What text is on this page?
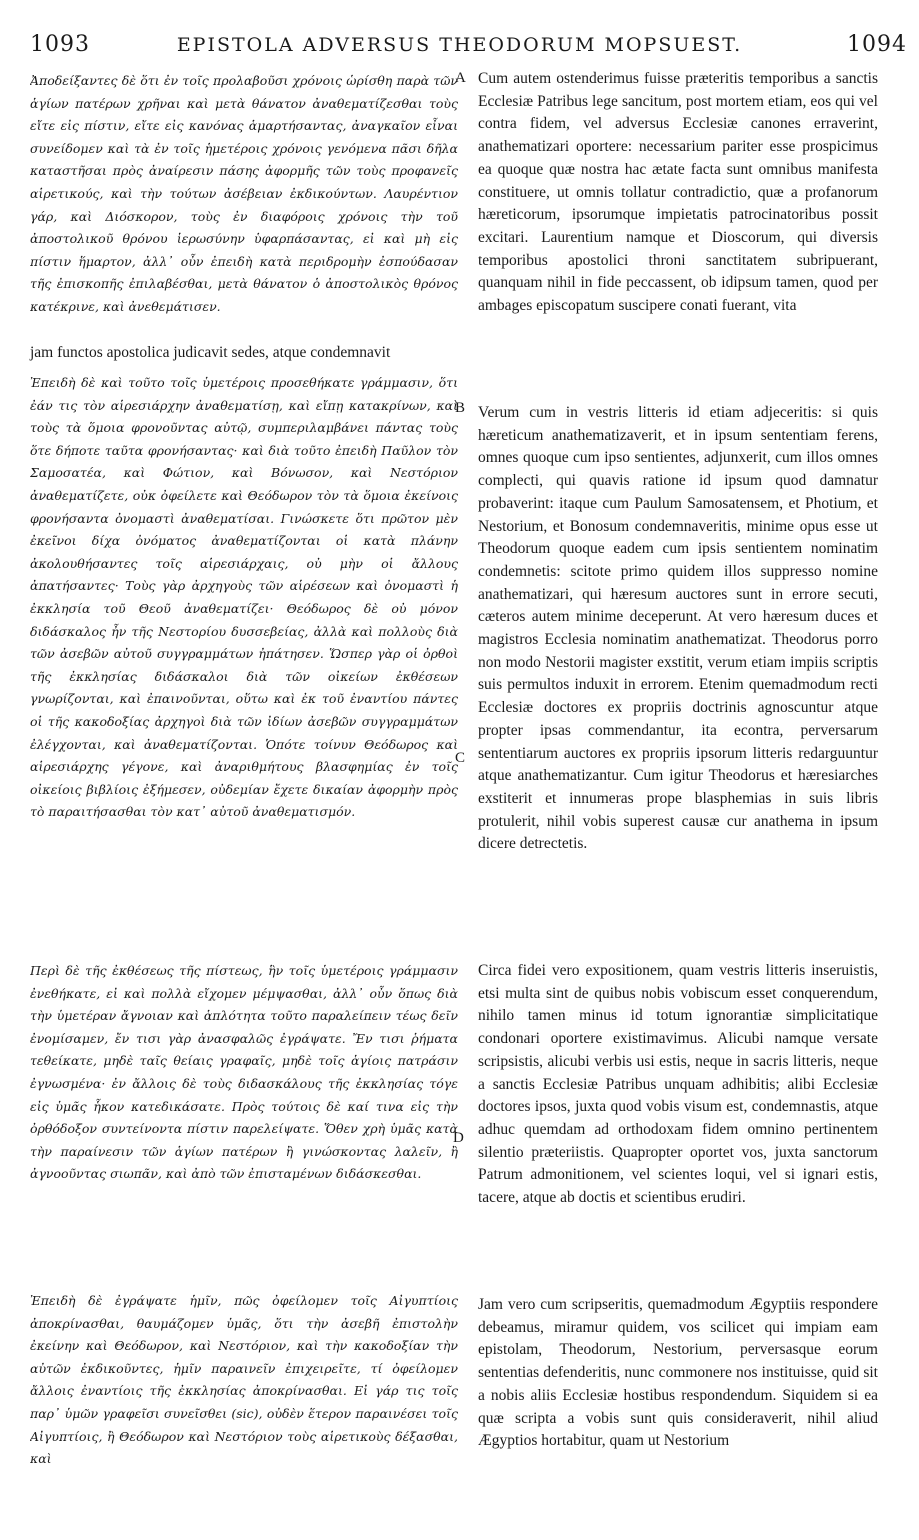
1093	EPISTOLA ADVERSUS THEODORUM MOPSUEST.	1094

Ἀποδείξαντες δὲ ὅτι ἐν τοῖς προλαβοῦσι χρόνοις ὡρίσθη παρὰ τῶν ἁγίων πατέρων χρῆναι καὶ μετὰ θάνατον ἀναθεματίζεσθαι τοὺς εἴτε εἰς πίστιν, εἴτε εἰς κανόνας ἁμαρτήσαντας, ἀναγκαῖον εἶναι συνείδομεν καὶ τὰ ἐν τοῖς ἡμετέροις χρόνοις γενόμενα πᾶσι δῆλα καταστῆσαι πρὸς ἀναίρεσιν πάσης ἀφορμῆς τῶν τοὺς προφανεῖς αἱρετικούς, καὶ τὴν τούτων ἀσέβειαν ἐκδικούντων. Λαυρέντιον γάρ, καὶ Διόσκορον, τοὺς ἐν διαφόροις χρόνοις τὴν τοῦ ἀποστολικοῦ θρόνου ἱερωσύνην ὑφαρπάσαντας, εἰ καὶ μὴ εἰς πίστιν ἥμαρτον, ἀλλ᾽ οὖν ἐπειδὴ κατὰ περιδρομὴν ἐσπούδασαν τῆς ἐπισκοπῆς ἐπιλαβέσθαι, μετὰ θάνατον ὁ ἀποστολικὸς θρόνος κατέκρινε, καὶ ἀνεθεμάτισεν.

jam functos apostolica judicavit sedes, atque condemnavit

Ἐπειδὴ δὲ καὶ τοῦτο τοῖς ὑμετέροις προσεθήκατε γράμμασιν, ὅτι ἐάν τις τὸν αἱρεσιάρχην ἀναθεματίσῃ, καὶ εἴπῃ κατακρίνων, καὶ τοὺς τὰ ὅμοια φρονοῦντας αὐτῷ, συμπεριλαμβάνει πάντας τοὺς ὅτε δήποτε ταῦτα φρονήσαντας· καὶ διὰ τοῦτο ἐπειδὴ Παῦλον τὸν Σαμοσατέα, καὶ Φώτιον, καὶ Βόνωσον, καὶ Νεστόριον ἀναθεματίζετε, οὐκ ὀφείλετε καὶ Θεόδωρον τὸν τὰ ὅμοια ἐκείνοις φρονήσαντα ὀνομαστὶ ἀναθεματίσαι. Γινώσκετε ὅτι πρῶτον μὲν ἐκεῖνοι δίχα ὀνόματος ἀναθεματίζονται οἱ κατὰ πλάνην ἀκολουθήσαντες τοῖς αἱρεσιάρχαις, οὐ μὴν οἱ ἄλλους ἀπατήσαντες· Τοὺς γὰρ ἀρχηγοὺς τῶν αἱρέσεων καὶ ὀνομαστὶ ἡ ἐκκλησία τοῦ Θεοῦ ἀναθεματίζει· Θεόδωρος δὲ οὐ μόνον διδάσκαλος ἦν τῆς Νεστορίου δυσσεβείας, ἀλλὰ καὶ πολλοὺς διὰ τῶν ἀσεβῶν αὐτοῦ συγγραμμάτων ἠπάτησεν. Ὥσπερ γὰρ οἱ ὀρθοὶ τῆς ἐκκλησίας διδάσκαλοι διὰ τῶν οἰκείων ἐκθέσεων γνωρίζονται, καὶ ἐπαινοῦνται, οὕτω καὶ ἐκ τοῦ ἐναντίου πάντες οἱ τῆς κακοδοξίας ἀρχηγοὶ διὰ τῶν ἰδίων ἀσεβῶν συγγραμμάτων ἐλέγχονται, καὶ ἀναθεματίζονται. Ὁπότε τοίνυν Θεόδωρος καὶ αἱρεσιάρχης γέγονε, καὶ ἀναριθμήτους βλασφημίας ἐν τοῖς οἰκείοις βιβλίοις ἐξήμεσεν, οὐδεμίαν ἔχετε δικαίαν ἀφορμὴν πρὸς τὸ παραιτήσασθαι τὸν κατ᾽ αὐτοῦ ἀναθεματισμόν.

Περὶ δὲ τῆς ἐκθέσεως τῆς πίστεως, ἣν τοῖς ὑμετέροις γράμμασιν ἐνεθήκατε, εἰ καὶ πολλὰ εἴχομεν μέμψασθαι, ἀλλ᾽ οὖν ὅπως διὰ τὴν ὑμετέραν ἄγνοιαν καὶ ἁπλότητα τοῦτο παραλείπειν τέως δεῖν ἐνομίσαμεν, ἔν τισι γὰρ ἀνασφαλῶς ἐγράψατε. Ἔν τισι ῥήματα τεθείκατε, μηδὲ ταῖς θείαις γραφαῖς, μηδὲ τοῖς ἁγίοις πατράσιν ἐγνωσμένα· ἐν ἄλλοις δὲ τοὺς διδασκάλους τῆς ἐκκλησίας τόγε εἰς ὑμᾶς ἧκον κατεδικάσατε. Πρὸς τούτοις δὲ καί τινα εἰς τὴν ὀρθόδοξον συντείνοντα πίστιν παρελείψατε. Ὅθεν χρὴ ὑμᾶς κατὰ τὴν παραίνεσιν τῶν ἁγίων πατέρων ἢ γινώσκοντας λαλεῖν, ἢ ἀγνοοῦντας σιωπᾶν, καὶ ἀπὸ τῶν ἐπισταμένων διδάσκεσθαι.

Ἐπειδὴ δὲ ἐγράψατε ἡμῖν, πῶς ὀφείλομεν τοῖς Αἰγυπτίοις ἀποκρίνασθαι, θαυμάζομεν ὑμᾶς, ὅτι τὴν ἀσεβῆ ἐπιστολὴν ἐκείνην καὶ Θεόδωρον, καὶ Νεστόριον, καὶ τὴν κακοδοξίαν τὴν αὐτῶν ἐκδικοῦντες, ἡμῖν παραινεῖν ἐπιχειρεῖτε, τί ὀφείλομεν ἄλλοις ἐναντίοις τῆς ἐκκλησίας ἀποκρίνασθαι. Εἰ γάρ τις τοῖς παρ᾽ ὑμῶν γραφεῖσι συνεῖσθει (sic), οὐδὲν ἕτερον παραινέσει τοῖς Αἰγυπτίοις, ἢ Θεόδωρον καὶ Νεστόριον τοὺς αἱρετικοὺς δέξασθαι, καὶ

A
B
C
D

Cum autem ostenderimus fuisse præteritis temporibus a sanctis Ecclesiæ Patribus lege sancitum, post mortem etiam, eos qui vel contra fidem, vel adversus Ecclesiæ canones erraverint, anathematizari oportere: necessarium pariter esse prospicimus ea quoque quæ nostra hac ætate facta sunt omnibus manifesta constituere, ut omnis tollatur contradictio, quæ a profanorum hæreticorum, ipsorumque impietatis patrocinatoribus possit excitari. Laurentium namque et Dioscorum, qui diversis temporibus apostolici throni sanctitatem subripuerant, quanquam nihil in fide peccassent, ob idipsum tamen, quod per ambages episcopatum suscipere conati fuerant, vita

Verum cum in vestris litteris id etiam adjeceritis: si quis hæreticum anathematizaverit, et in ipsum sententiam ferens, omnes quoque cum ipso sentientes, adjunxerit, cum illos omnes complecti, qui quavis ratione id ipsum quod damnatur probaverint: itaque cum Paulum Samosatensem, et Photium, et Nestorium, et Bonosum condemnaveritis, minime opus esse ut Theodorum quoque eadem cum ipsis sentientem nominatim condemnetis: scitote primo quidem illos suppresso nomine anathematizari, qui hæresum auctores sunt in errore secuti, cæteros autem minime deceperunt. At vero hæresum duces et magistros Ecclesia nominatim anathematizat. Theodorus porro non modo Nestorii magister exstitit, verum etiam impiis scriptis suis permultos induxit in errorem. Etenim quemadmodum recti Ecclesiæ doctores ex propriis doctrinis agnoscuntur atque propter ipsas commendantur, ita econtra, perversarum sententiarum auctores ex propriis ipsorum litteris redarguuntur atque anathematizantur. Cum igitur Theodorus et hæresiarches exstiterit et innumeras prope blasphemias in suis libris protulerit, nihil vobis superest causæ cur anathema in ipsum dicere detrectetis.

Circa fidei vero expositionem, quam vestris litteris inseruistis, etsi multa sint de quibus nobis vobiscum esset conquerendum, nihilo tamen minus id totum ignorantiæ simplicitatique condonari oportere existimavimus. Alicubi namque versate scripsistis, alicubi verbis usi estis, neque in sacris litteris, neque a sanctis Ecclesiæ Patribus unquam adhibitis; alibi Ecclesiæ doctores ipsos, juxta quod vobis visum est, condemnastis, atque adhuc quemdam ad orthodoxam fidem omnino pertinentem silentio præteriistis. Quapropter oportet vos, juxta sanctorum Patrum admonitionem, vel scientes loqui, vel si ignari estis, tacere, atque ab doctis et scientibus erudiri.

Jam vero cum scripseritis, quemadmodum Ægyptiis respondere debeamus, miramur quidem, vos scilicet qui impiam eam epistolam, Theodorum, Nestorium, perversasque eorum sententias defenderitis, nunc commonere nos instituisse, quid sit a nobis aliis Ecclesiæ hostibus respondendum. Siquidem si ea quæ scripta a vobis sunt quis consideraverit, nihil aliud Ægyptios hortabitur, quam ut Nestorium
